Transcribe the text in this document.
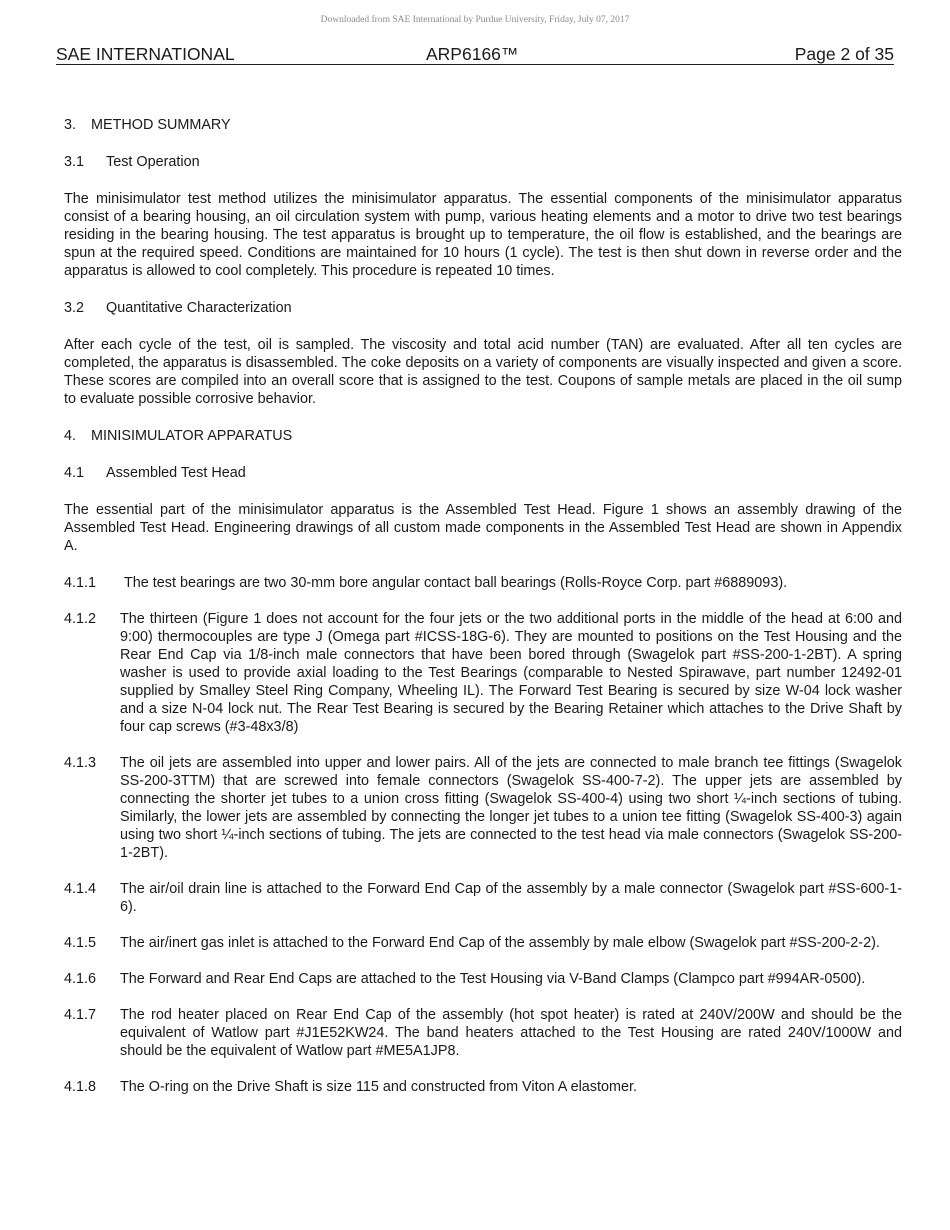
Downloaded from SAE International by Purdue University, Friday, July 07, 2017
SAE INTERNATIONAL	ARP6166™	Page 2 of 35
3. METHOD SUMMARY
3.1 Test Operation

The minisimulator test method utilizes the minisimulator apparatus. The essential components of the minisimulator apparatus consist of a bearing housing, an oil circulation system with pump, various heating elements and a motor to drive two test bearings residing in the bearing housing. The test apparatus is brought up to temperature, the oil flow is established, and the bearings are spun at the required speed. Conditions are maintained for 10 hours (1 cycle). The test is then shut down in reverse order and the apparatus is allowed to cool completely. This procedure is repeated 10 times.

3.2 Quantitative Characterization

After each cycle of the test, oil is sampled. The viscosity and total acid number (TAN) are evaluated. After all ten cycles are completed, the apparatus is disassembled. The coke deposits on a variety of components are visually inspected and given a score. These scores are compiled into an overall score that is assigned to the test. Coupons of sample metals are placed in the oil sump to evaluate possible corrosive behavior.

4. MINISIMULATOR APPARATUS
4.1 Assembled Test Head

The essential part of the minisimulator apparatus is the Assembled Test Head. Figure 1 shows an assembly drawing of the Assembled Test Head. Engineering drawings of all custom made components in the Assembled Test Head are shown in Appendix A.

4.1.1 The test bearings are two 30-mm bore angular contact ball bearings (Rolls-Royce Corp. part #6889093).
4.1.2 The thirteen (Figure 1 does not account for the four jets or the two additional ports in the middle of the head at 6:00 and 9:00) thermocouples are type J (Omega part #ICSS-18G-6). They are mounted to positions on the Test Housing and the Rear End Cap via 1/8-inch male connectors that have been bored through (Swagelok part #SS-200-1-2BT). A spring washer is used to provide axial loading to the Test Bearings (comparable to Nested Spirawave, part number 12492-01 supplied by Smalley Steel Ring Company, Wheeling IL). The Forward Test Bearing is secured by size W-04 lock washer and a size N-04 lock nut. The Rear Test Bearing is secured by the Bearing Retainer which attaches to the Drive Shaft by four cap screws (#3-48x3/8)
4.1.3 The oil jets are assembled into upper and lower pairs. All of the jets are connected to male branch tee fittings (Swagelok SS-200-3TTM) that are screwed into female connectors (Swagelok SS-400-7-2). The upper jets are assembled by connecting the shorter jet tubes to a union cross fitting (Swagelok SS-400-4) using two short ¼-inch sections of tubing. Similarly, the lower jets are assembled by connecting the longer jet tubes to a union tee fitting (Swagelok SS-400-3) again using two short ¼-inch sections of tubing. The jets are connected to the test head via male connectors (Swagelok SS-200-1-2BT).
4.1.4 The air/oil drain line is attached to the Forward End Cap of the assembly by a male connector (Swagelok part #SS-600-1-6).
4.1.5 The air/inert gas inlet is attached to the Forward End Cap of the assembly by male elbow (Swagelok part #SS-200-2-2).
4.1.6 The Forward and Rear End Caps are attached to the Test Housing via V-Band Clamps (Clampco part #994AR-0500).
4.1.7 The rod heater placed on Rear End Cap of the assembly (hot spot heater) is rated at 240V/200W and should be the equivalent of Watlow part #J1E52KW24. The band heaters attached to the Test Housing are rated 240V/1000W and should be the equivalent of Watlow part #ME5A1JP8.
4.1.8 The O-ring on the Drive Shaft is size 115 and constructed from Viton A elastomer.
